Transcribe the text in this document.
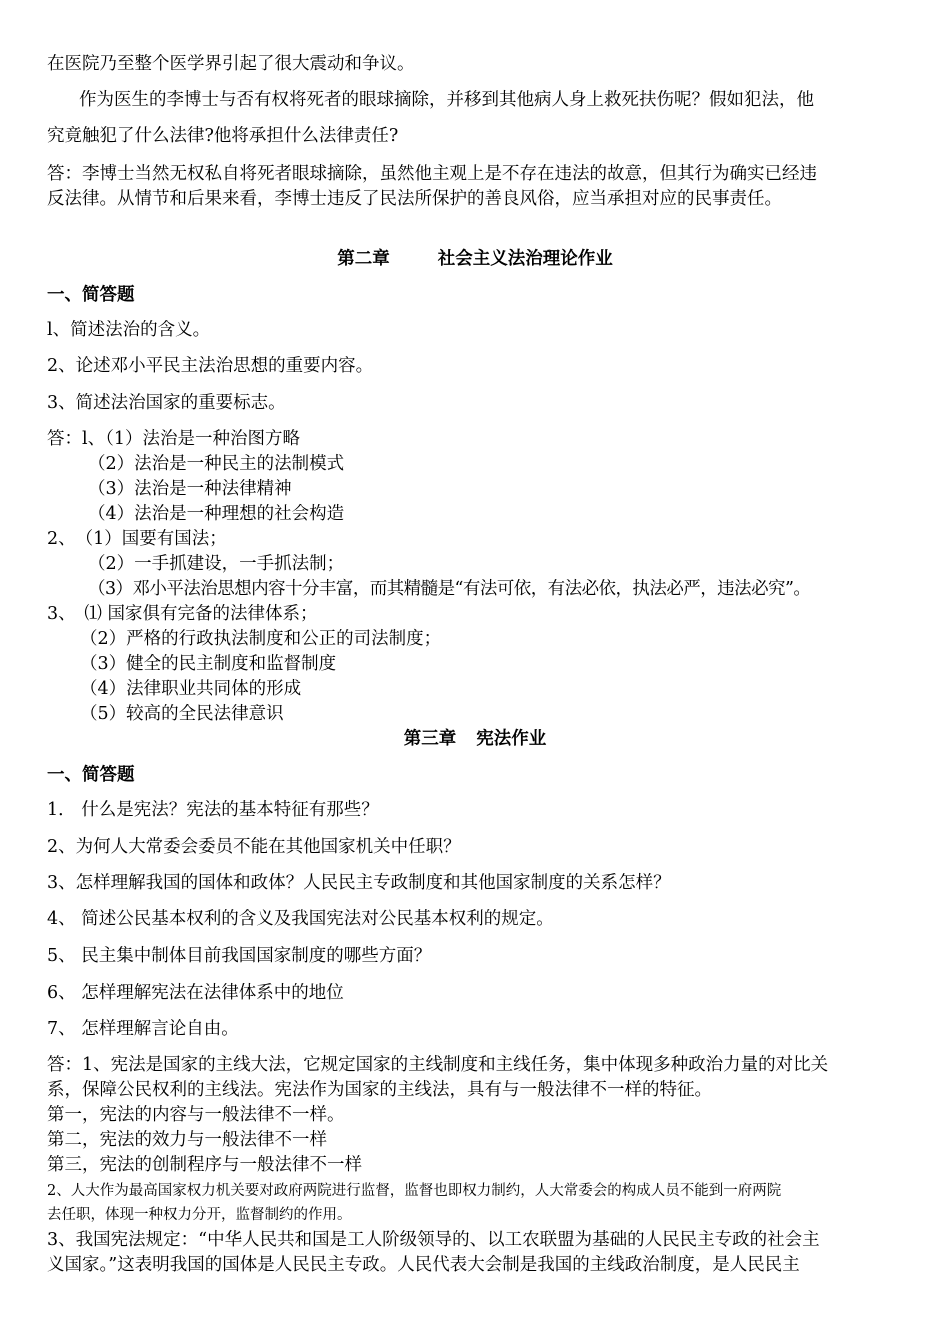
在医院乃至整个医学界引起了很大震动和争议。
作为医生的李博士与否有权将死者的眼球摘除，并移到其他病人身上救死扶伤呢？假如犯法，他
究竟触犯了什么法律?他将承担什么法律责任?
答：李博士当然无权私自将死者眼球摘除，虽然他主观上是不存在违法的故意，但其行为确实已经违
反法律。从情节和后果来看，李博士违反了民法所保护的善良风俗，应当承担对应的民事责任。
第二章	社会主义法治理论作业
一、简答题
l、简述法治的含义。
2、论述邓小平民主法治思想的重要内容。
3、简述法治国家的重要标志。
答：l、（1）法治是一种治图方略
（2）法治是一种民主的法制模式
（3）法治是一种法律精神
（4）法治是一种理想的社会构造
2、　（1）国要有国法；
（2）一手抓建设，一手抓法制；
（3）邓小平法治思想内容十分丰富，而其精髓是“有法可依，有法必依，执法必严，违法必究”。
3、　⑴ 国家俱有完备的法律体系；
（2）严格的行政执法制度和公正的司法制度；
（3）健全的民主制度和监督制度
（4）法律职业共同体的形成
（5）较高的全民法律意识
第三章 宪法作业
一、简答题
1． 什么是宪法？宪法的基本特征有那些？
2、为何人大常委会委员不能在其他国家机关中任职？
3、怎样理解我国的国体和政体？人民民主专政制度和其他国家制度的关系怎样？
4、 简述公民基本权利的含义及我国宪法对公民基本权利的规定。
5、 民主集中制体目前我国国家制度的哪些方面？
6、 怎样理解宪法在法律体系中的地位
7、 怎样理解言论自由。
答：1、宪法是国家的主线大法，它规定国家的主线制度和主线任务，集中体现多种政治力量的对比关
系，保障公民权利的主线法。宪法作为国家的主线法，具有与一般法律不一样的特征。
第一，宪法的内容与一般法律不一样。
第二，宪法的效力与一般法律不一样
第三，宪法的创制程序与一般法律不一样
2、人大作为最高国家权力机关要对政府两院进行监督，监督也即权力制约，人大常委会的构成人员不能到一府两院
去任职，体现一种权力分开，监督制约的作用。
3、我国宪法规定：“中华人民共和国是工人阶级领导的、以工农联盟为基础的人民民主专政的社会主
义国家。”这表明我国的国体是人民民主专政。人民代表大会制是我国的主线政治制度，是人民民主
